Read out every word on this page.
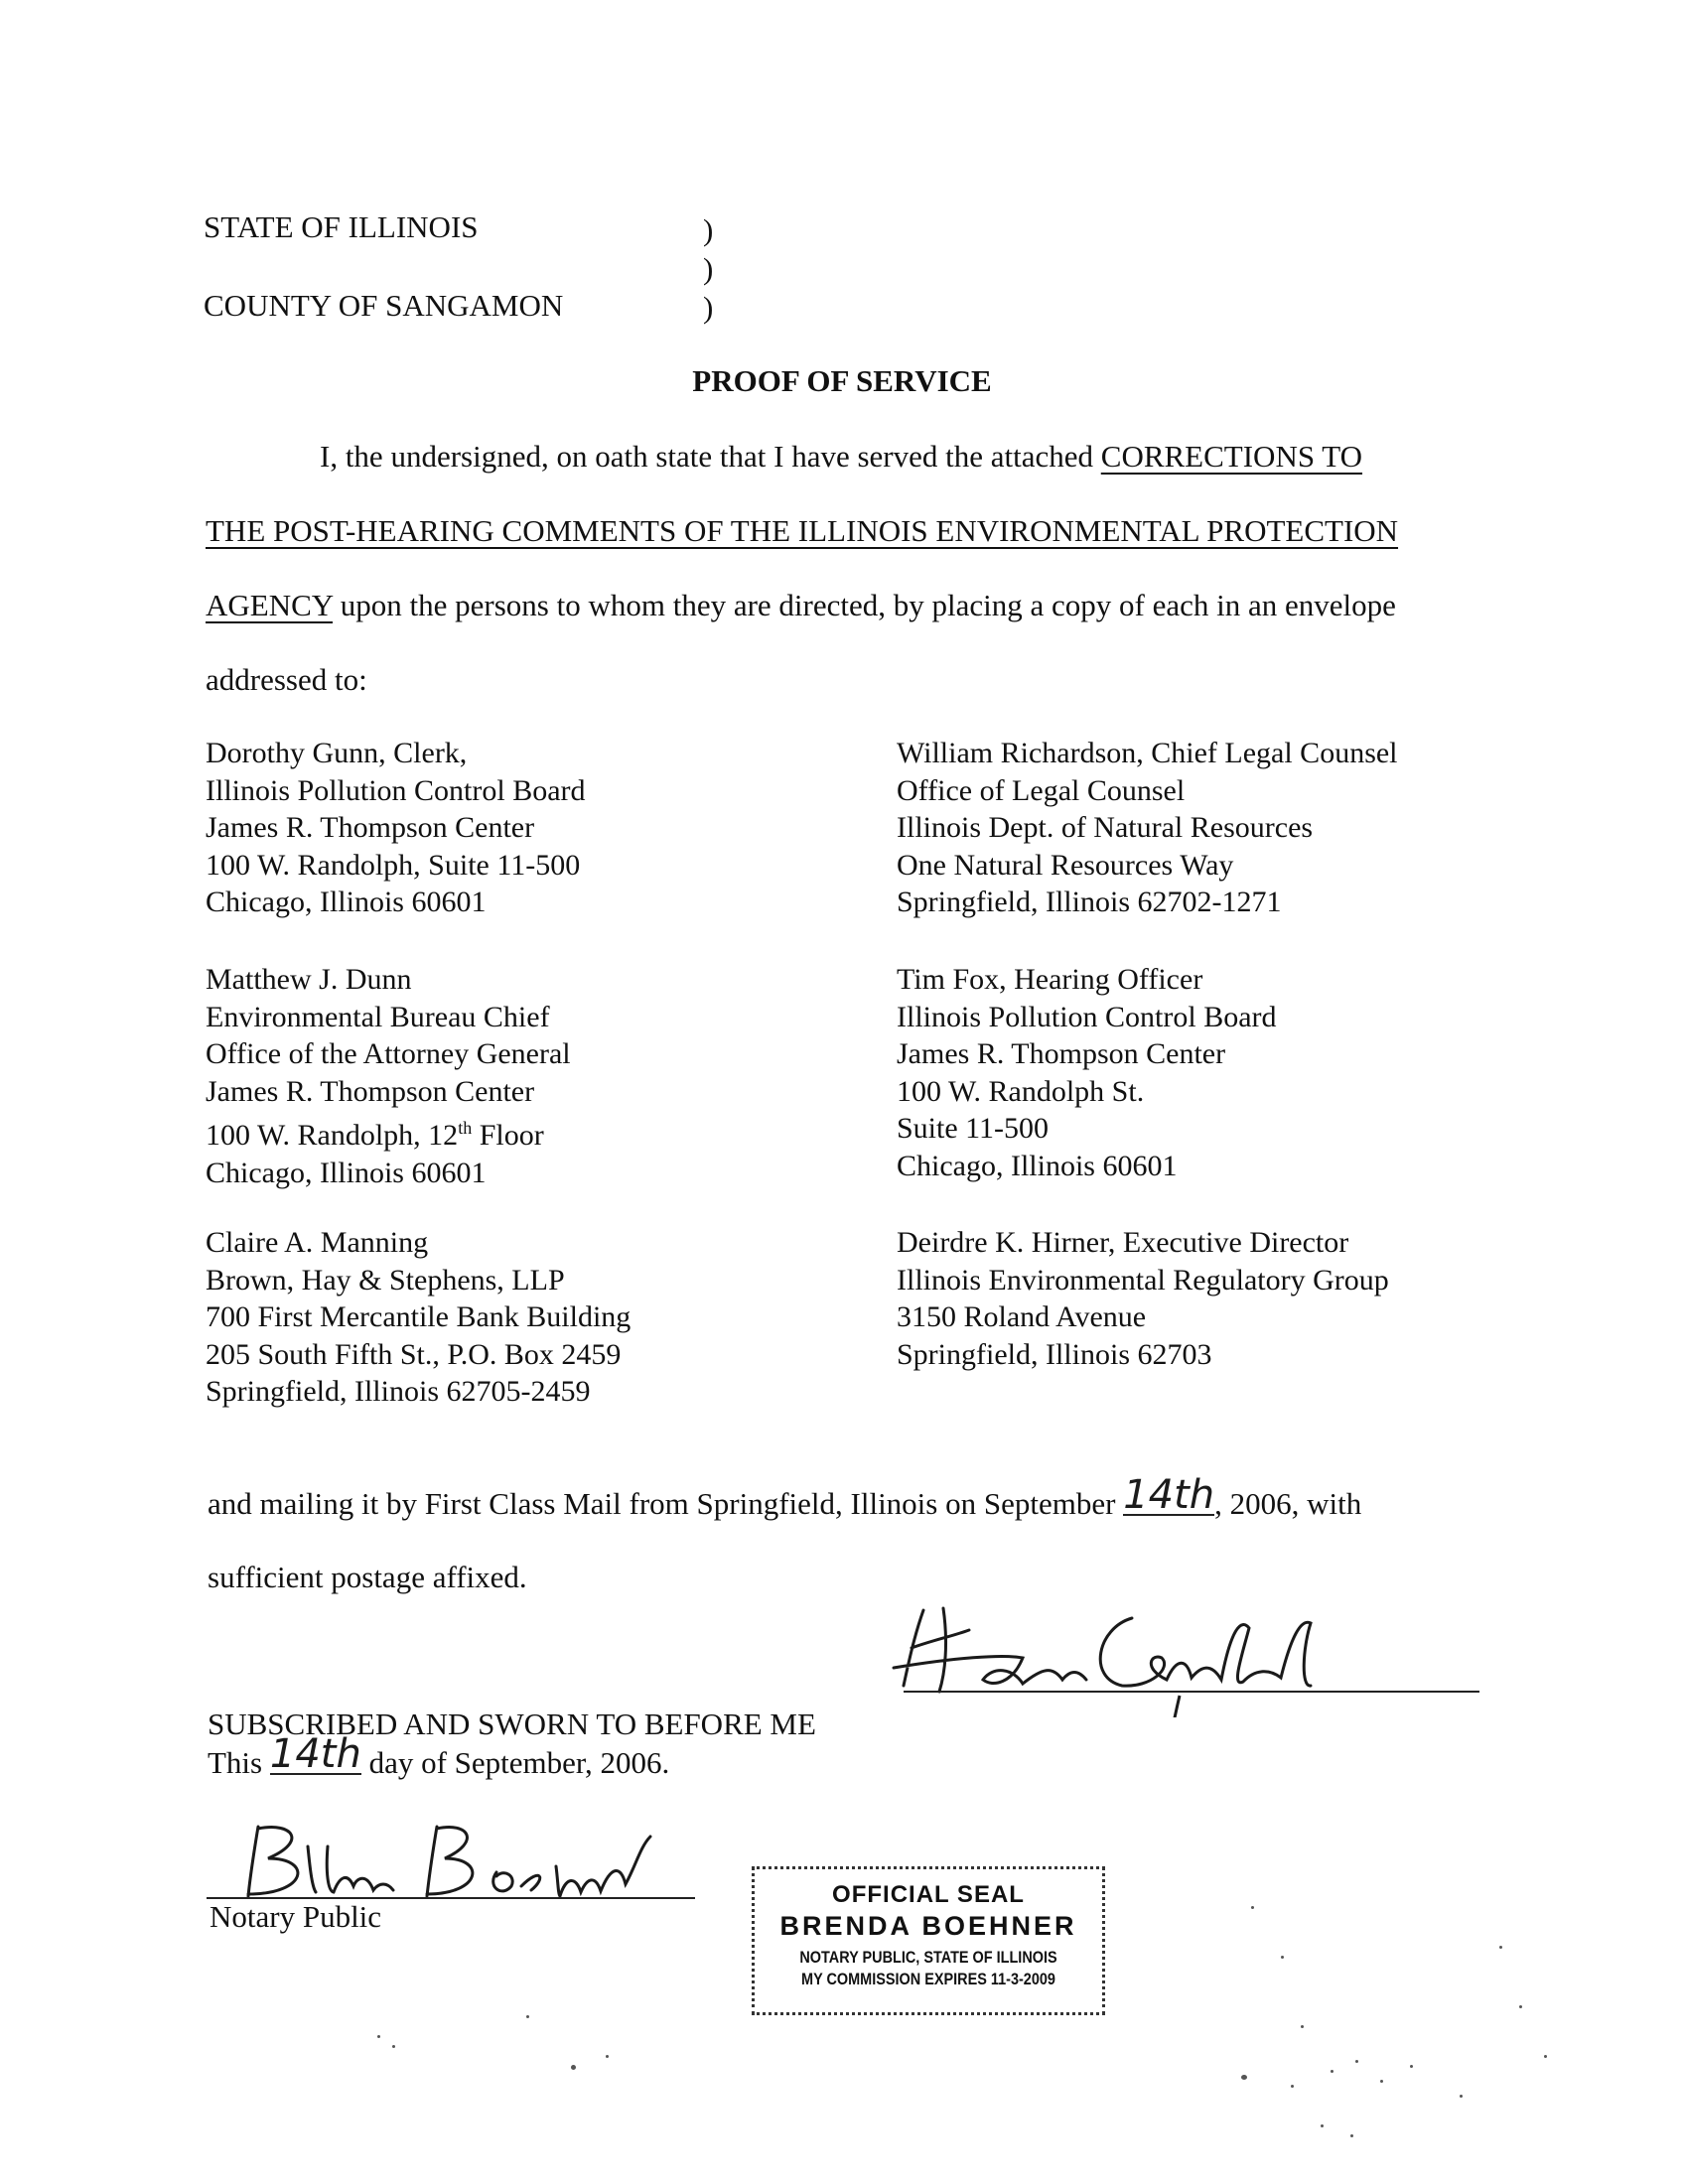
STATE OF ILLINOIS	)
)
COUNTY OF SANGAMON	)
PROOF OF SERVICE
I, the undersigned, on oath state that I have served the attached CORRECTIONS TO
THE POST-HEARING COMMENTS OF THE ILLINOIS ENVIRONMENTAL PROTECTION
AGENCY upon the persons to whom they are directed, by placing a copy of each in an envelope
addressed to:
Dorothy Gunn, Clerk,
Illinois Pollution Control Board
James R. Thompson Center
100 W. Randolph, Suite 11-500
Chicago, Illinois 60601
Matthew J. Dunn
Environmental Bureau Chief
Office of the Attorney General
James R. Thompson Center
100 W. Randolph, 12th Floor
Chicago, Illinois 60601
Claire A. Manning
Brown, Hay & Stephens, LLP
700 First Mercantile Bank Building
205 South Fifth St., P.O. Box 2459
Springfield, Illinois 62705-2459
William Richardson, Chief Legal Counsel
Office of Legal Counsel
Illinois Dept. of Natural Resources
One Natural Resources Way
Springfield, Illinois 62702-1271
Tim Fox, Hearing Officer
Illinois Pollution Control Board
James R. Thompson Center
100 W. Randolph St.
Suite 11-500
Chicago, Illinois 60601
Deirdre K. Hirner, Executive Director
Illinois Environmental Regulatory Group
3150 Roland Avenue
Springfield, Illinois 62703
and mailing it by First Class Mail from Springfield, Illinois on September 14th, 2006, with
sufficient postage affixed.
SUBSCRIBED AND SWORN TO BEFORE ME
This 14th day of September, 2006.
Notary Public
OFFICIAL SEAL
BRENDA BOEHNER
NOTARY PUBLIC, STATE OF ILLINOIS
MY COMMISSION EXPIRES 11-3-2009
